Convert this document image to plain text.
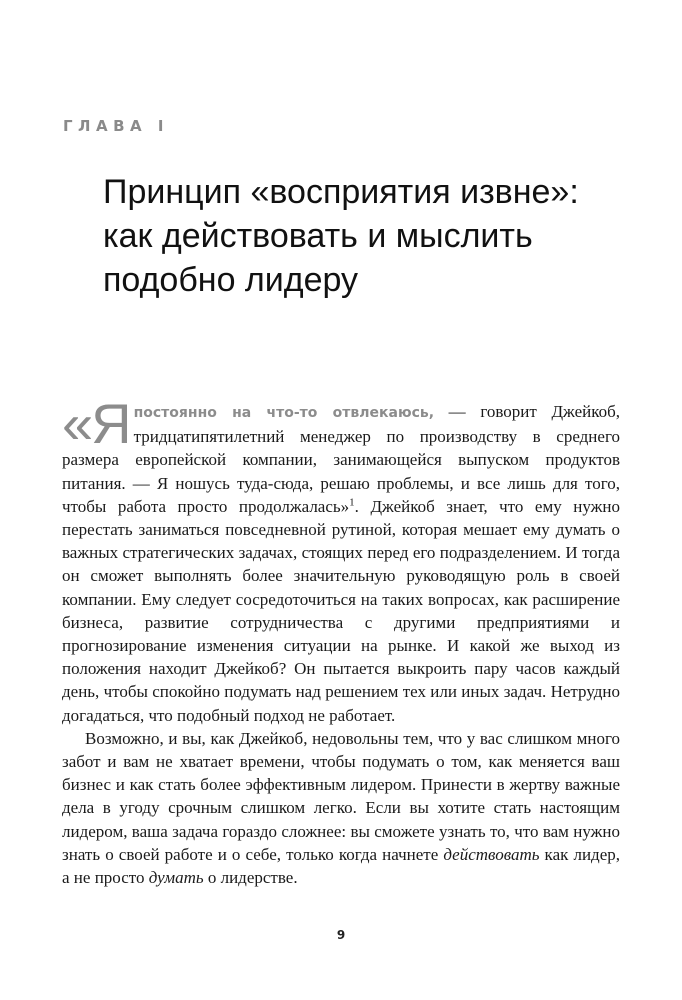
ГЛАВА I
Принцип «восприятия извне»:
как действовать и мыслить
подобно лидеру

«Япостоянно на что-то отвлекаюсь, — говорит Джейкоб, тридцатипятилетний менеджер по производству в среднего размера европейской компании, занимающейся выпуском продуктов питания. — Я ношусь туда-сюда, решаю проблемы, и все лишь для того, чтобы работа просто продолжалась»$^1$. Джейкоб знает, что ему нужно перестать заниматься повседневной рутиной, которая мешает ему думать о важных стратегических задачах, стоящих перед его подразделением. И тогда он сможет выполнять более значительную руководящую роль в своей компании. Ему следует сосредоточиться на таких вопросах, как расширение бизнеса, развитие сотрудничества с другими предприятиями и прогнозирование изменения ситуации на рынке. И какой же выход из положения находит Джейкоб? Он пытается выкроить пару часов каждый день, чтобы спокойно подумать над решением тех или иных задач. Нетрудно догадаться, что подобный подход не работает.

Возможно, и вы, как Джейкоб, недовольны тем, что у вас слишком много забот и вам не хватает времени, чтобы подумать о том, как меняется ваш бизнес и как стать более эффективным лидером. Принести в жертву важные дела в угоду срочным слишком легко. Если вы хотите стать настоящим лидером, ваша задача гораздо сложнее: вы сможете узнать то, что вам нужно знать о своей работе и о себе, только когда начнете действовать как лидер, а не просто думать о лидерстве.

9
